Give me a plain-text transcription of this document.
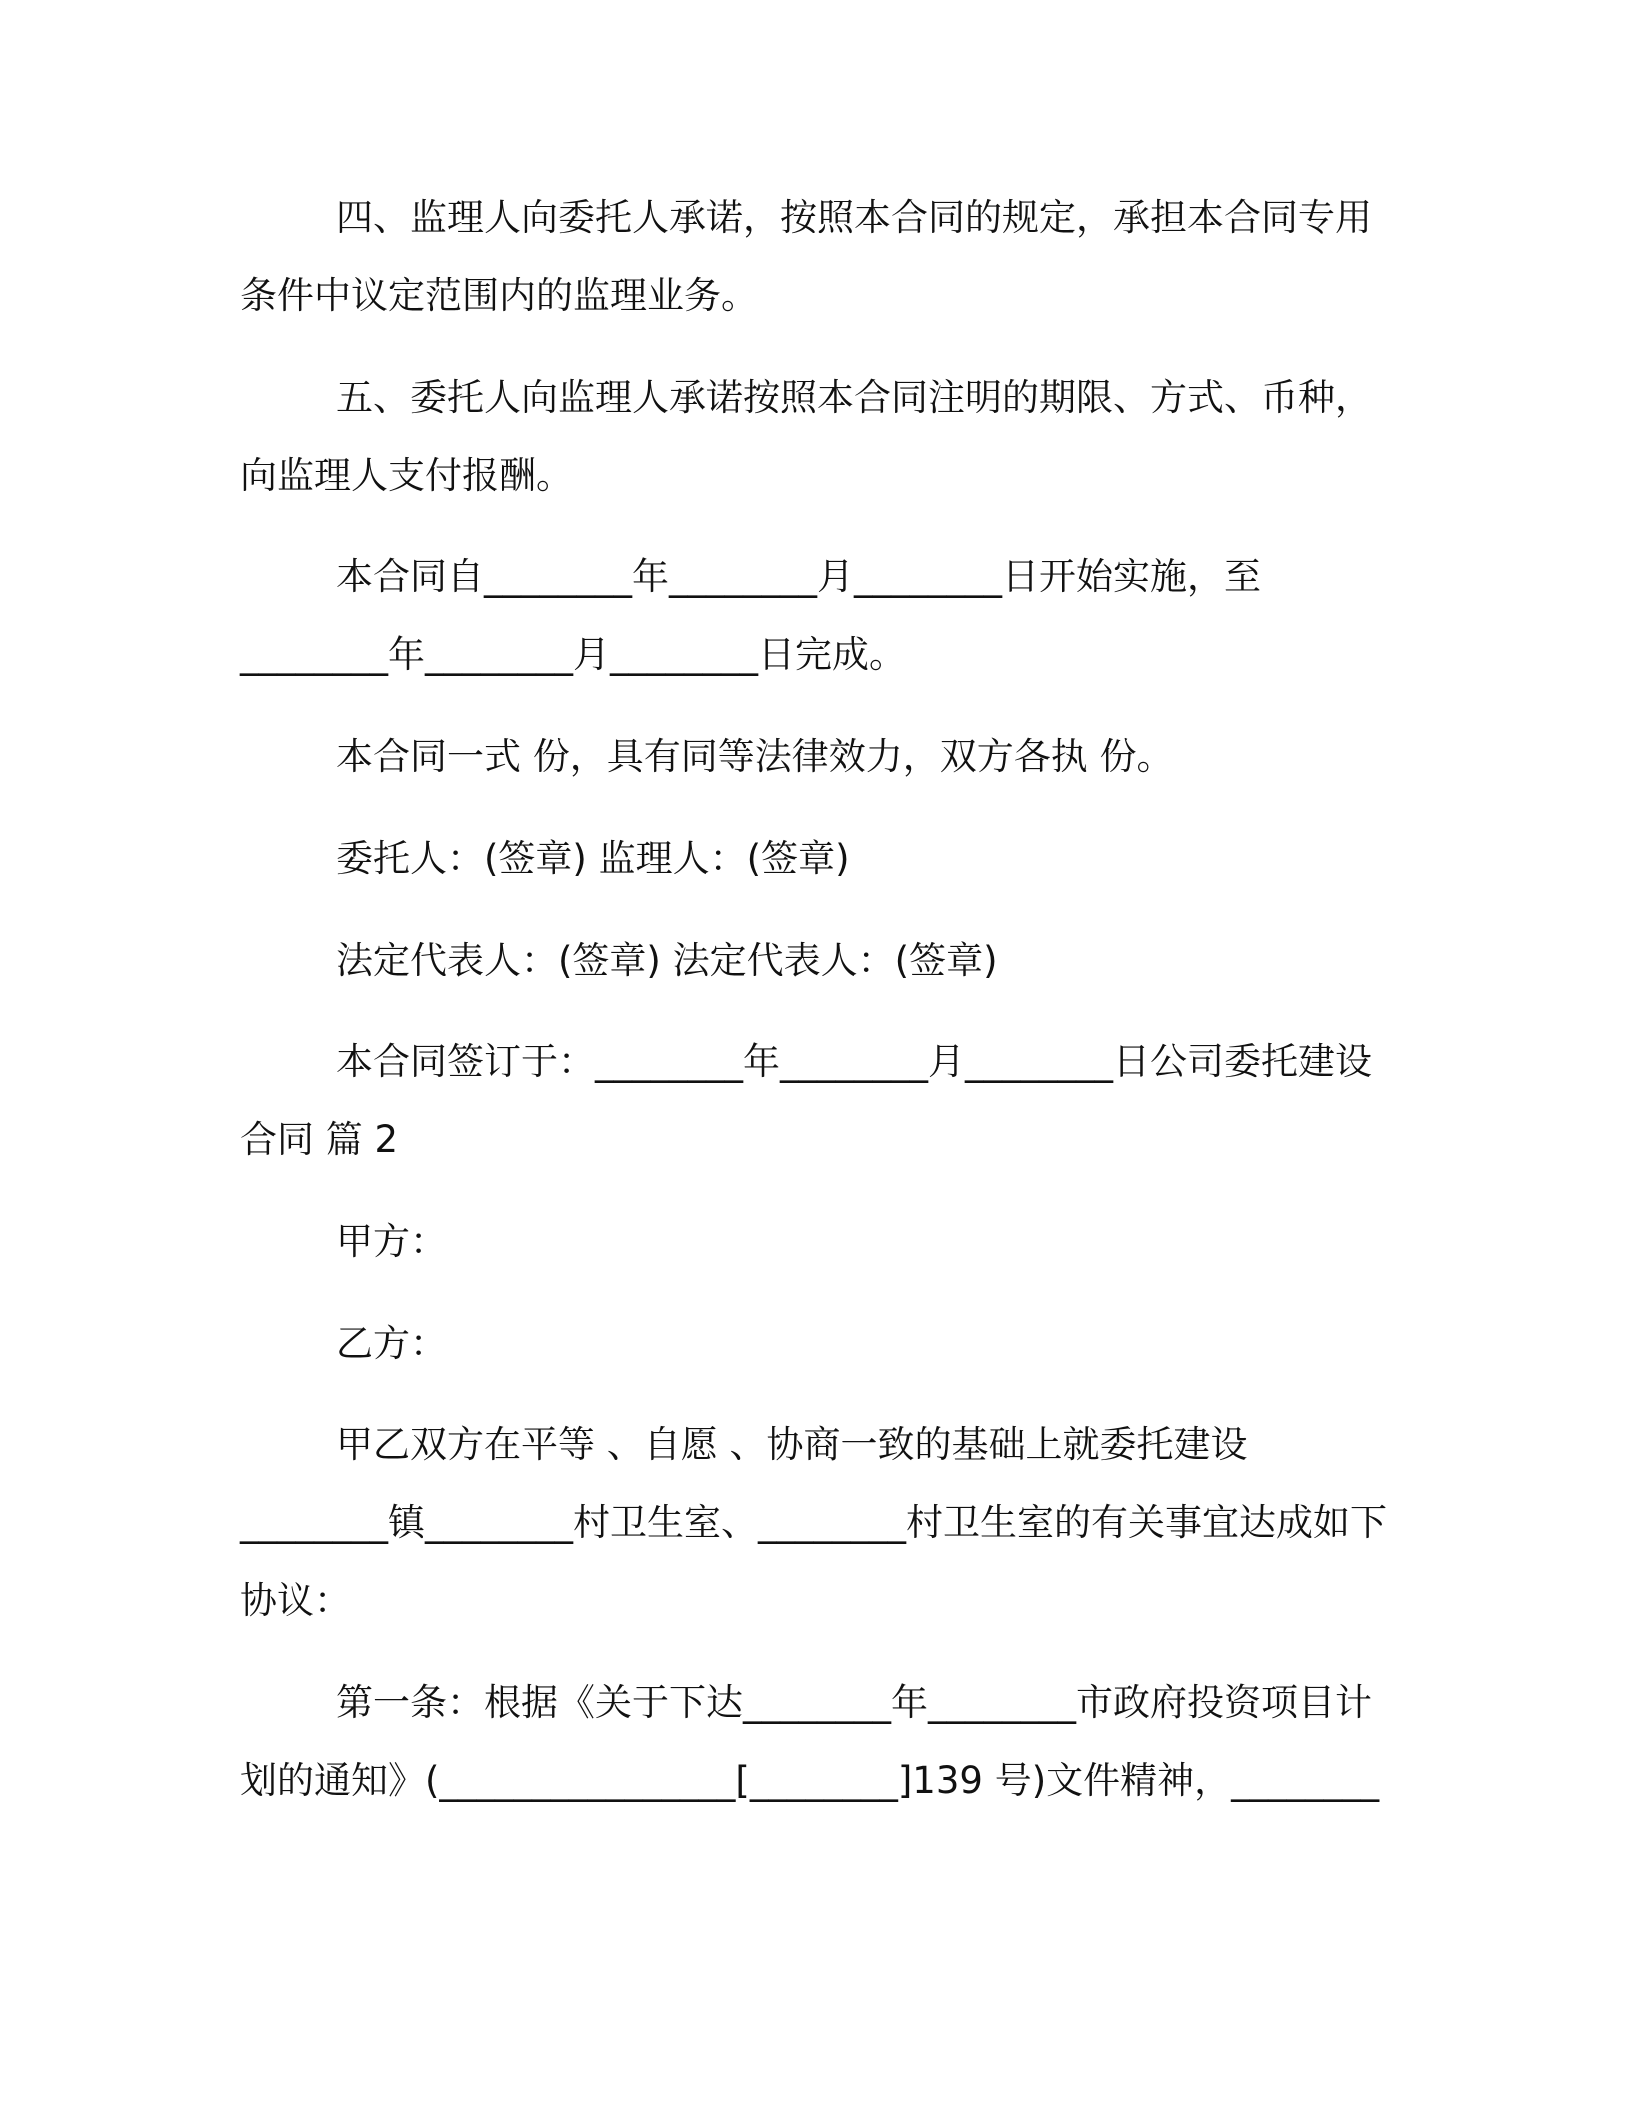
四、监理人向委托人承诺，按照本合同的规定，承担本合同专用
条件中议定范围内的监理业务。
五、委托人向监理人承诺按照本合同注明的期限、方式、币种，
向监理人支付报酬。
本合同自________年________月________日开始实施，至
________年________月________日完成。
本合同一式 份，具有同等法律效力，双方各执 份。
委托人：(签章) 监理人：(签章)
法定代表人：(签章) 法定代表人：(签章)
本合同签订于：________年________月________日公司委托建设
合同 篇 2
甲方：
乙方：
甲乙双方在平等 、自愿 、协商一致的基础上就委托建设
________镇________村卫生室、________村卫生室的有关事宜达成如下
协议：
第一条：根据《关于下达________年________市政府投资项目计
划的通知》(________________[________]139 号)文件精神，________
